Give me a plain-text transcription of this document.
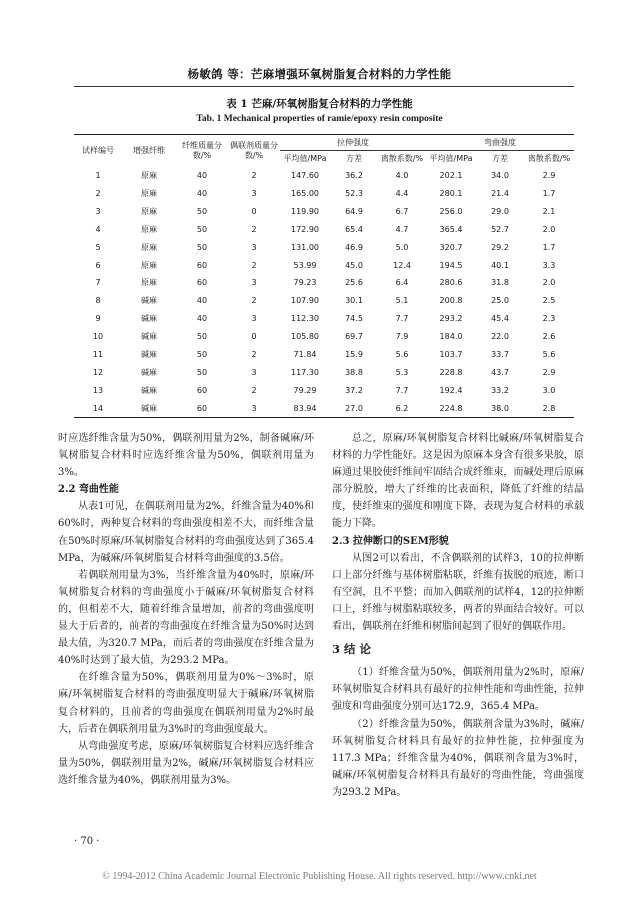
杨敏鸽 等：芒麻增强环氧树脂复合材料的力学性能
表 1 芒麻/环氧树脂复合材料的力学性能
Tab. 1 Mechanical properties of ramie/epoxy resin composite
试样编号	增强纤维	纤维质量分数/%	偶联剂质量分数/%	拉伸强度			弯曲强度		
				平均值/MPa	方差	离散系数/%	平均值/MPa	方差	离散系数/%

1	原麻	40	2	147.60	36.2	4.0	202.1	34.0	2.9
2	原麻	40	3	165.00	52.3	4.4	280.1	21.4	1.7
3	原麻	50	0	119.90	64.9	6.7	256.0	29.0	2.1
4	原麻	50	2	172.90	65.4	4.7	365.4	52.7	2.0
5	原麻	50	3	131.00	46.9	5.0	320.7	29.2	1.7
6	原麻	60	2	53.99	45.0	12.4	194.5	40.1	3.3
7	原麻	60	3	79.23	25.6	6.4	280.6	31.8	2.0
8	碱麻	40	2	107.90	30.1	5.1	200.8	25.0	2.5
9	碱麻	40	3	112.30	74.5	7.7	293.2	45.4	2.3
10	碱麻	50	0	105.80	69.7	7.9	184.0	22.0	2.6
11	碱麻	50	2	71.84	15.9	5.6	103.7	33.7	5.6
12	碱麻	50	3	117.30	38.8	5.3	228.8	43.7	2.9
13	碱麻	60	2	79.29	37.2	7.7	192.4	33.2	3.0
14	碱麻	60	3	83.94	27.0	6.2	224.8	38.0	2.8

时应选纤维含量为50%，偶联剂用量为2%，制备碱麻/环氧树脂复合材料时应选纤维含量为50%，偶联剂用量为3%。

2.2 弯曲性能

从表1可见，在偶联剂用量为2%，纤维含量为40%和60%时，两种复合材料的弯曲强度相差不大，而纤维含量在50%时原麻/环氧树脂复合材料的弯曲强度达到了365.4 MPa，为碱麻/环氧树脂复合材料弯曲强度的3.5倍。

若偶联剂用量为3%，当纤维含量为40%时，原麻/环氧树脂复合材料的弯曲强度小于碱麻/环氧树脂复合材料的，但相差不大，随着纤维含量增加，前者的弯曲强度明显大于后者的，前者的弯曲强度在纤维含量为50%时达到最大值，为320.7 MPa，而后者的弯曲强度在纤维含量为40%时达到了最大值，为293.2 MPa。

在纤维含量为50%，偶联剂用量为0%～3%时，原麻/环氧树脂复合材料的弯曲强度明显大于碱麻/环氧树脂复合材料的，且前者的弯曲强度在偶联剂用量为2%时最大，后者在偶联剂用量为3%时的弯曲强度最大。

从弯曲强度考虑，原麻/环氧树脂复合材料应选纤维含量为50%，偶联剂用量为2%，碱麻/环氧树脂复合材料应选纤维含量为40%，偶联剂用量为3%。

总之，原麻/环氧树脂复合材料比碱麻/环氧树脂复合材料的力学性能好。这是因为原麻本身含有很多果胶，原麻通过果胶使纤维间牢固结合成纤维束，而碱处理后原麻部分脱胶，增大了纤维的比表面积，降低了纤维的结晶度，使纤维束的强度和刚度下降，表现为复合材料的承载能力下降。

2.3 拉伸断口的SEM形貌

从图2可以看出，不含偶联剂的试样3，10的拉伸断口上部分纤维与基体树脂粘联，纤维有拔脱的痕迹，断口有空洞，且不平整；而加入偶联剂的试样4，12的拉伸断口上，纤维与树脂粘联较多，两者的界面结合较好。可以看出，偶联剂在纤维和树脂间起到了很好的偶联作用。

3 结 论

（1）纤维含量为50%，偶联剂用量为2%时，原麻/环氧树脂复合材料具有最好的拉伸性能和弯曲性能，拉伸强度和弯曲强度分别可达172.9，365.4 MPa。

（2）纤维含量为50%，偶联剂含量为3%时，碱麻/环氧树脂复合材料具有最好的拉伸性能，拉伸强度为117.3 MPa；纤维含量为40%，偶联剂含量为3%时，碱麻/环氧树脂复合材料具有最好的弯曲性能，弯曲强度为293.2 MPa。

· 70 ·
© 1994-2012 China Academic Journal Electronic Publishing House. All rights reserved. http://www.cnki.net
